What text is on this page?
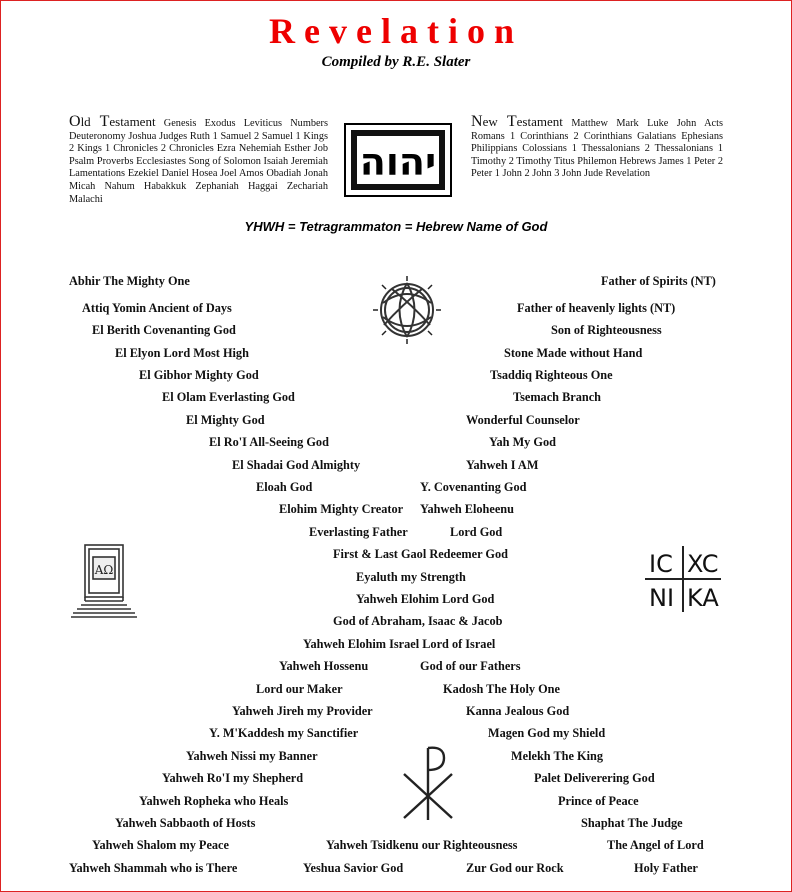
Revelation
Compiled by R.E. Slater
Old Testament Genesis Exodus Leviticus Numbers Deuteronomy Joshua Judges Ruth 1 Samuel 2 Samuel 1 Kings 2 Kings 1 Chronicles 2 Chronicles Ezra Nehemiah Esther Job Psalm Proverbs Ecclesiastes Song of Solomon Isaiah Jeremiah Lamentations Ezekiel Daniel Hosea Joel Amos Obadiah Jonah Micah Nahum Habakkuk Zephaniah Haggai Zechariah Malachi
New Testament Matthew Mark Luke John Acts Romans 1 Corinthians 2 Corinthians Galatians Ephesians Philippians Colossians 1 Thessalonians 2 Thessalonians 1 Timothy 2 Timothy Titus Philemon Hebrews James 1 Peter 2 Peter 1 John 2 John 3 John Jude Revelation
יהוה
YHWH = Tetragrammaton = Hebrew Name of God
Abhir The Mighty One
Attiq Yomin Ancient of Days
El Berith Covenanting God
El Elyon Lord Most High
El Gibhor Mighty God
El Olam Everlasting God
El Mighty God
El Ro'I All-Seeing God
El Shadai God Almighty
Eloah God
Elohim Mighty Creator
Everlasting Father
First & Last Gaol Redeemer God
Eyaluth my Strength
Yahweh Elohim Lord God
God of Abraham, Isaac & Jacob
Yahweh Elohim Israel Lord of Israel
Yahweh Hossenu
Lord our Maker
Yahweh Jireh my Provider
Y. M'Kaddesh my Sanctifier
Yahweh Nissi my Banner
Yahweh Ro'I my Shepherd
Yahweh Ropheka who Heals
Yahweh Sabbaoth of Hosts
Yahweh Shalom my Peace
Yahweh Shammah who is There
Father of Spirits (NT)
Father of heavenly lights (NT)
Son of Righteousness
Stone Made without Hand
Tsaddiq Righteous One
Tsemach Branch
Wonderful Counselor
Yah My God
Yahweh I AM
Y. Covenanting God
Yahweh Eloheenu
Lord God
God of our Fathers
Kadosh The Holy One
Kanna Jealous God
Magen God my Shield
Melekh The King
Palet Deliverering God
Prince of Peace
Shaphat The Judge
The Angel of Lord
Holy Father
Yahweh Tsidkenu our Righteousness
Yeshua Savior God	Zur God our Rock
AΩ	IC XC
NI KA
